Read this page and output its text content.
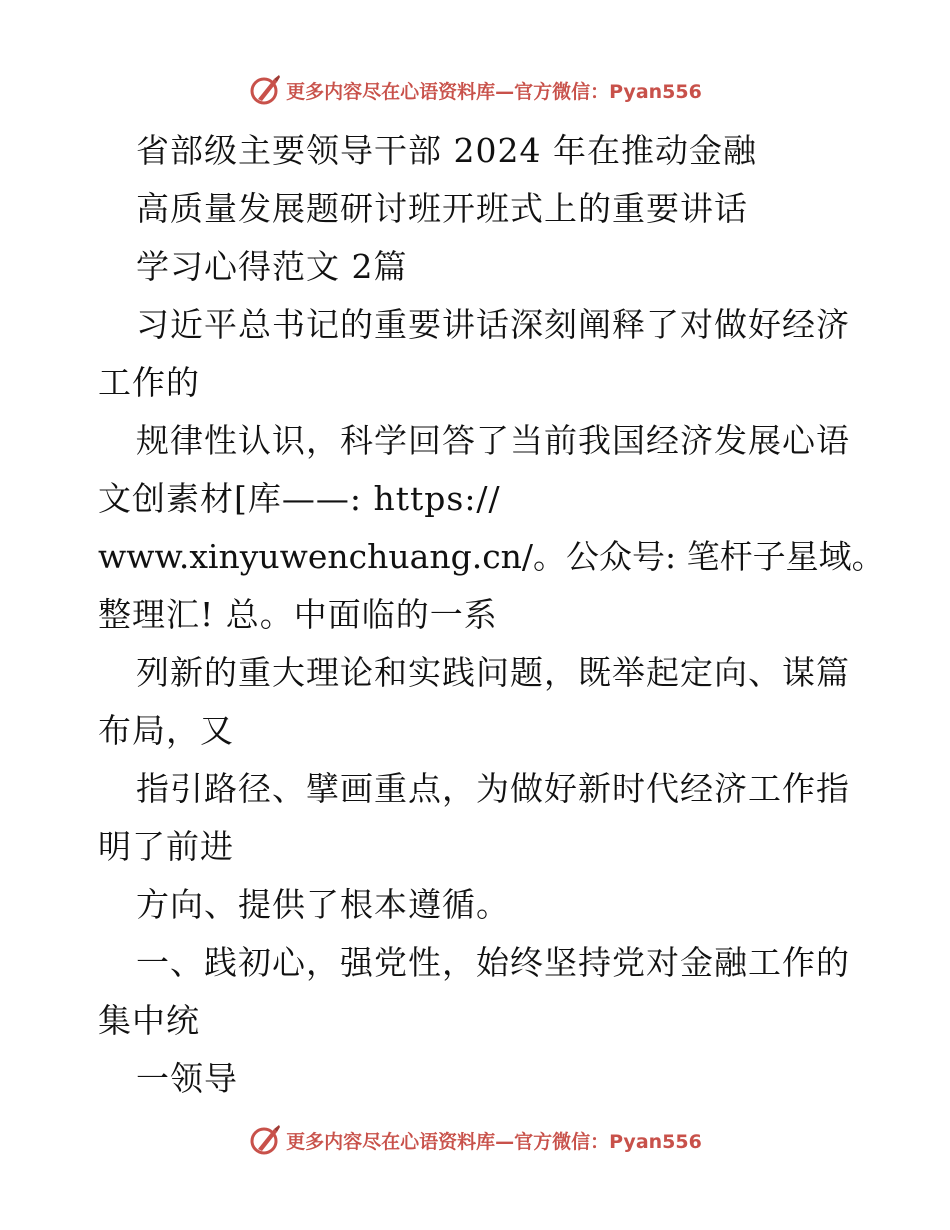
更多内容尽在心语资料库—官方微信：Pyan556
省部级主要领导干部 2024 年在推动金融
高质量发展题研讨班开班式上的重要讲话
学习心得范文 2篇
习近平总书记的重要讲话深刻阐释了对做好经济
工作的
规律性认识，科学回答了当前我国经济发展心语
文创素材[库——: https://
www.xinyuwenchuang.cn/。公众号: 笔杆子星域。
整理汇! 总。中面临的一系
列新的重大理论和实践问题，既举起定向、谋篇
布局，又
指引路径、擘画重点，为做好新时代经济工作指
明了前进
方向、提供了根本遵循。
一、践初心，强党性，始终坚持党对金融工作的
集中统
一领导
更多内容尽在心语资料库—官方微信：Pyan556
